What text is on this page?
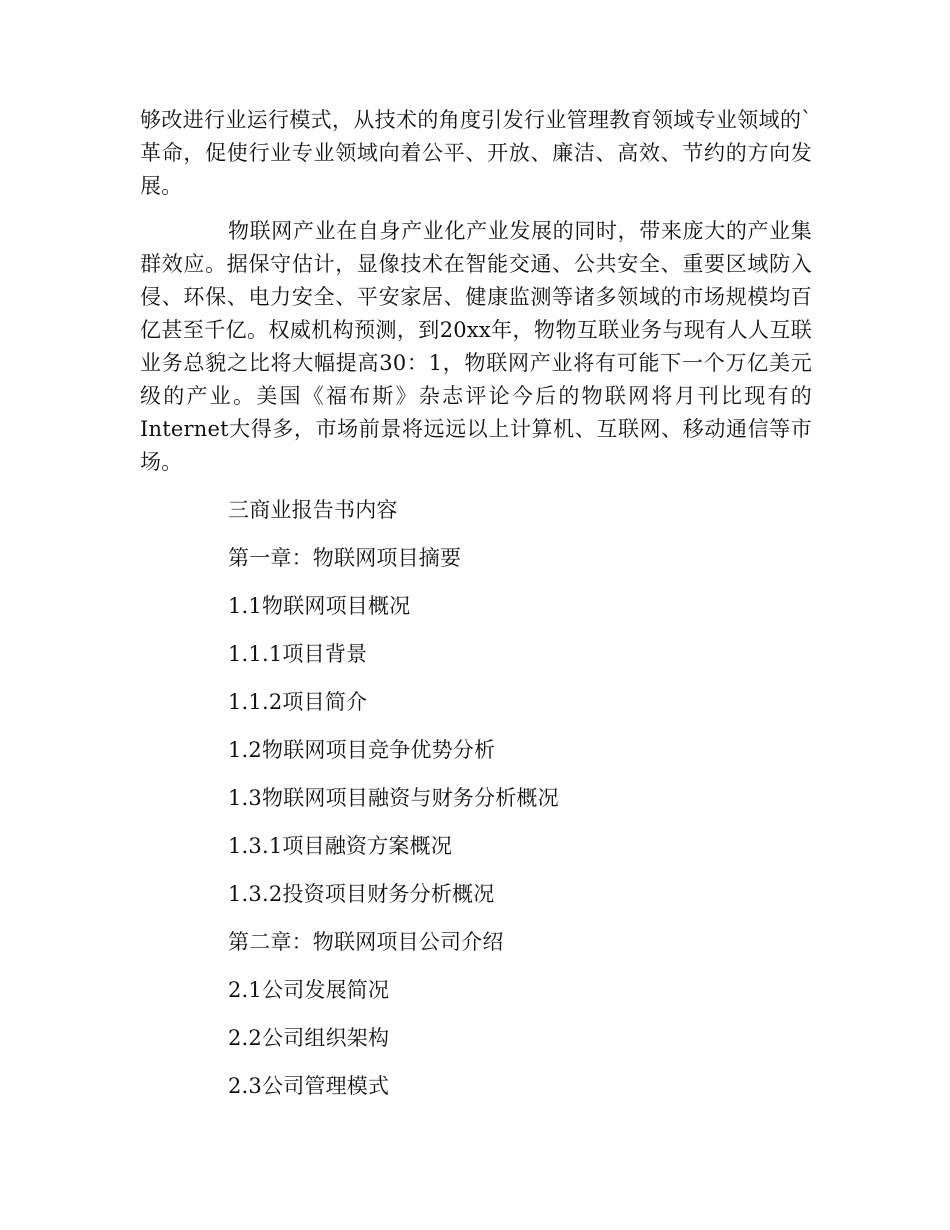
够改进行业运行模式，从技术的角度引发行业管理教育领域专业领域的`革命，促使行业专业领域向着公平、开放、廉洁、高效、节约的方向发展。

物联网产业在自身产业化产业发展的同时，带来庞大的产业集群效应。据保守估计，显像技术在智能交通、公共安全、重要区域防入侵、环保、电力安全、平安家居、健康监测等诸多领域的市场规模均百亿甚至千亿。权威机构预测，到20xx年，物物互联业务与现有人人互联业务总貌之比将大幅提高30：1，物联网产业将有可能下一个万亿美元级的产业。美国《福布斯》杂志评论今后的物联网将月刊比现有的Internet大得多，市场前景将远远以上计算机、互联网、移动通信等市场。

三商业报告书内容
第一章：物联网项目摘要
1.1物联网项目概况
1.1.1项目背景
1.1.2项目简介
1.2物联网项目竞争优势分析
1.3物联网项目融资与财务分析概况
1.3.1项目融资方案概况
1.3.2投资项目财务分析概况
第二章：物联网项目公司介绍
2.1公司发展简况
2.2公司组织架构
2.3公司管理模式
